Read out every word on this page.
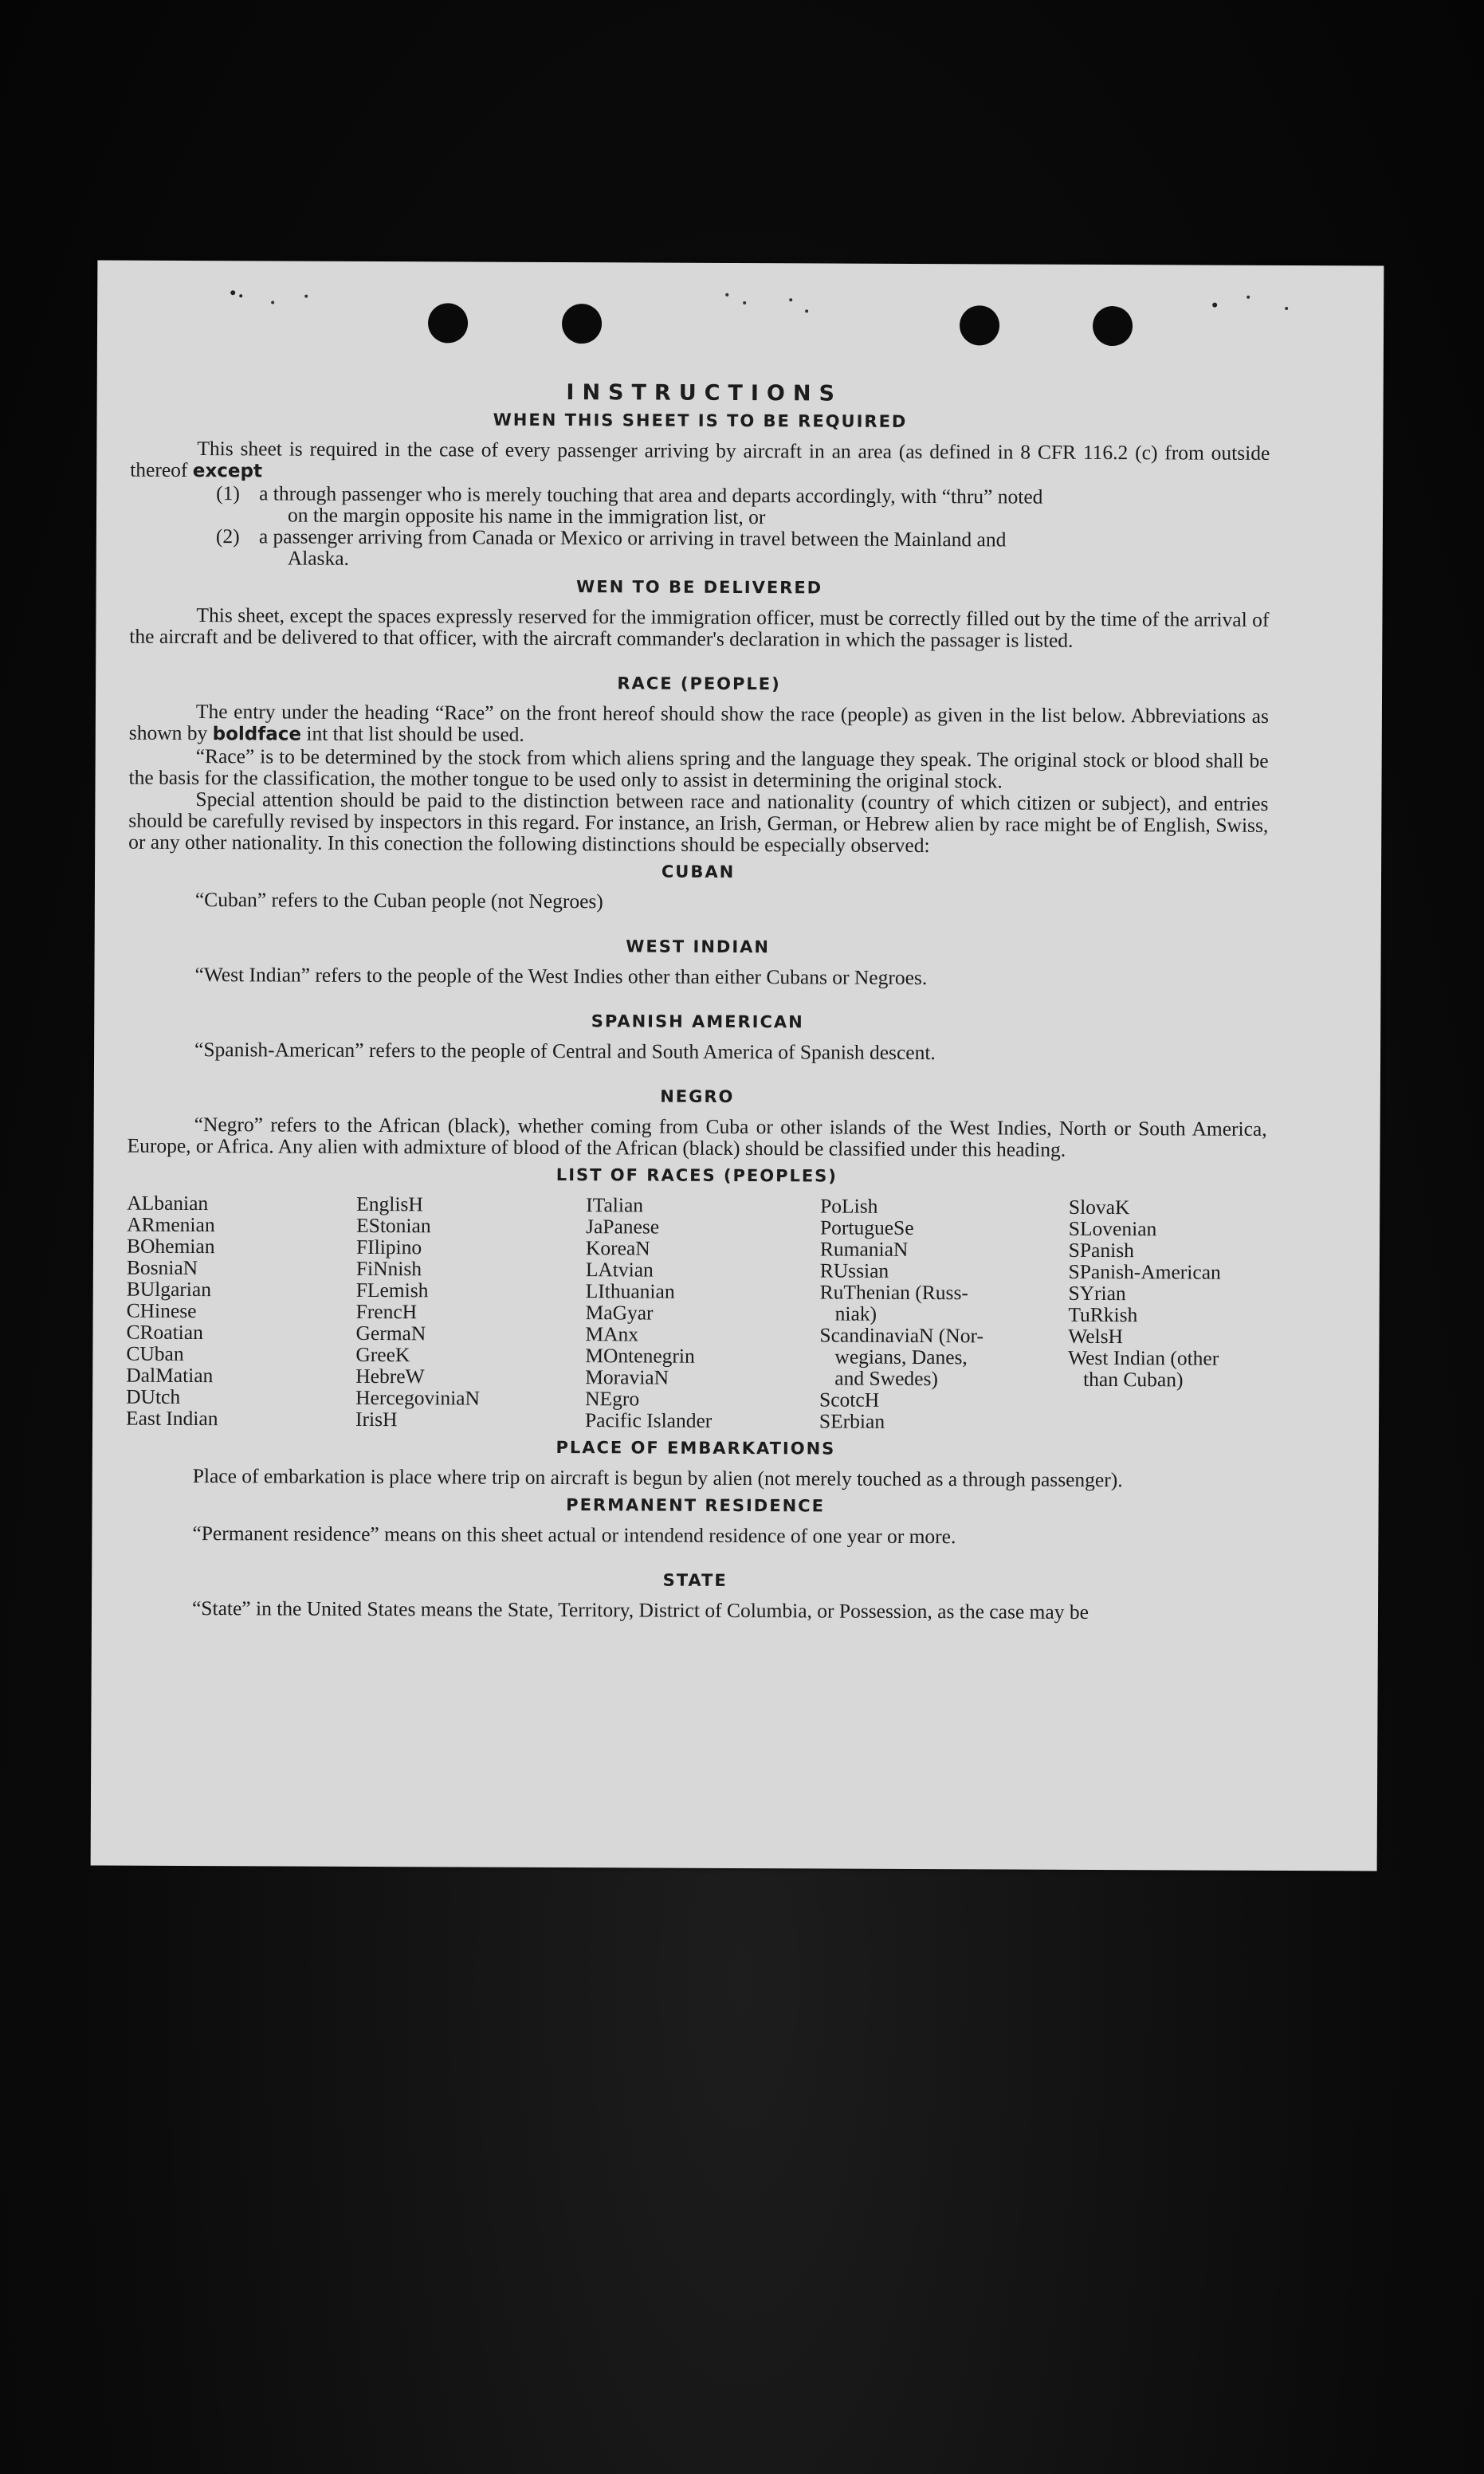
INSTRUCTIONS
WHEN THIS SHEET IS TO BE REQUIRED

This sheet is required in the case of every passenger arriving by aircraft in an area (as defined in 8 CFR 116.2 (c) from outside thereof except

(1) a through passenger who is merely touching that area and departs accordingly, with “thru” noted
on the margin opposite his name in the immigration list, or
(2) a passenger arriving from Canada or Mexico or arriving in travel between the Mainland and
Alaska.
WEN TO BE DELIVERED

This sheet, except the spaces expressly reserved for the immigration officer, must be correctly filled out by the time of the arrival of the aircraft and be delivered to that officer, with the aircraft commander's declaration in which the passager is listed.

RACE (PEOPLE)

The entry under the heading “Race” on the front hereof should show the race (people) as given in the list below. Abbreviations as shown by boldface int that list should be used.

“Race” is to be determined by the stock from which aliens spring and the language they speak. The original stock or blood shall be the basis for the classification, the mother tongue to be used only to assist in determining the original stock.

Special attention should be paid to the distinction between race and nationality (country of which citizen or subject), and entries should be carefully revised by inspectors in this regard. For instance, an Irish, German, or Hebrew alien by race might be of English, Swiss, or any other nationality. In this conection the following distinctions should be especially observed:

CUBAN

“Cuban” refers to the Cuban people (not Negroes)

WEST INDIAN

“West Indian” refers to the people of the West Indies other than either Cubans or Negroes.

SPANISH AMERICAN

“Spanish-American” refers to the people of Central and South America of Spanish descent.

NEGRO

“Negro” refers to the African (black), whether coming from Cuba or other islands of the West Indies, North or South America, Europe, or Africa. Any alien with admixture of blood of the African (black) should be classified under this heading.

LIST OF RACES (PEOPLES)
ALbanian
ARmenian
BOhemian
BosniaN
BUlgarian
CHinese
CRoatian
CUban
DalMatian
DUtch
East Indian
EnglisH
EStonian
FIlipino
FiNnish
FLemish
FrencH
GermaN
GreeK
HebreW
HercegoviniaN
IrisH
ITalian
JaPanese
KoreaN
LAtvian
LIthuanian
MaGyar
MAnx
MOntenegrin
MoraviaN
NEgro
Pacific Islander
PoLish
PortugueSe
RumaniaN
RUssian
RuThenian (Russ-
niak)
ScandinaviaN (Nor-
wegians, Danes,
and Swedes)
ScotcH
SErbian
SlovaK
SLovenian
SPanish
SPanish-American
SYrian
TuRkish
WelsH
West Indian (other
than Cuban)
PLACE OF EMBARKATIONS

Place of embarkation is place where trip on aircraft is begun by alien (not merely touched as a through passenger).

PERMANENT RESIDENCE

“Permanent residence” means on this sheet actual or intendend residence of one year or more.

STATE

“State” in the United States means the State, Territory, District of Columbia, or Possession, as the case may be
